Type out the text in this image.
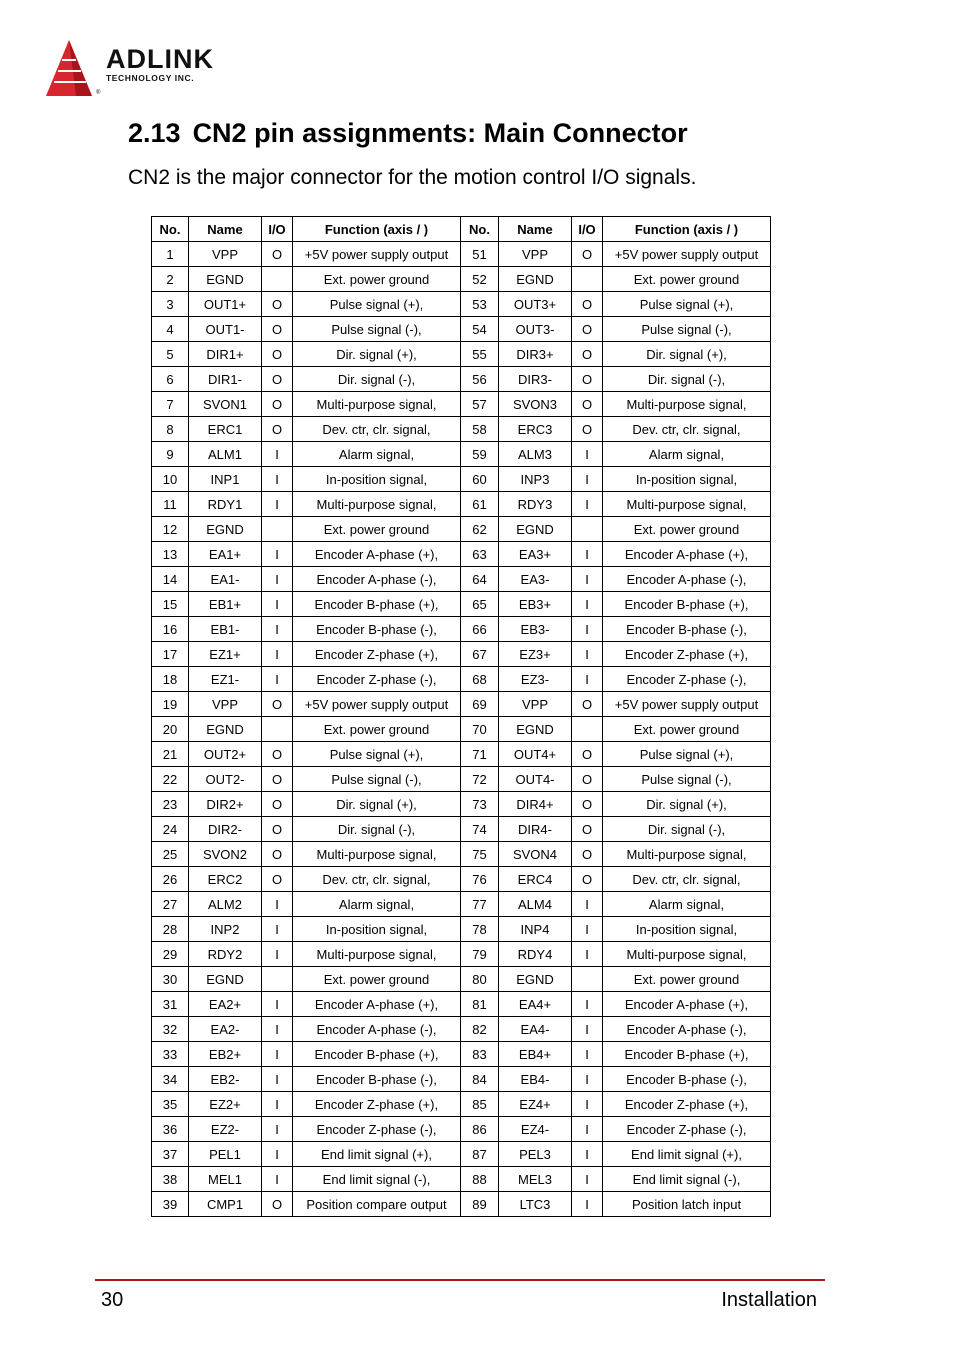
ADLINK
TECHNOLOGY INC.
®
2.13 CN2 pin assignments: Main Connector

CN2 is the major connector for the motion control I/O signals.

No.	Name	I/O	Function (axis / )	No.	Name	I/O	Function (axis / )
1	VPP	O	+5V power supply output	51	VPP	O	+5V power supply output
2	EGND		Ext. power ground	52	EGND		Ext. power ground
3	OUT1+	O	Pulse signal (+),	53	OUT3+	O	Pulse signal (+),
4	OUT1-	O	Pulse signal (-),	54	OUT3-	O	Pulse signal (-),
5	DIR1+	O	Dir. signal (+),	55	DIR3+	O	Dir. signal (+),
6	DIR1-	O	Dir. signal (-),	56	DIR3-	O	Dir. signal (-),
7	SVON1	O	Multi-purpose signal,	57	SVON3	O	Multi-purpose signal,
8	ERC1	O	Dev. ctr, clr. signal,	58	ERC3	O	Dev. ctr, clr. signal,
9	ALM1	I	Alarm signal,	59	ALM3	I	Alarm signal,
10	INP1	I	In-position signal,	60	INP3	I	In-position signal,
11	RDY1	I	Multi-purpose signal,	61	RDY3	I	Multi-purpose signal,
12	EGND		Ext. power ground	62	EGND		Ext. power ground
13	EA1+	I	Encoder A-phase (+),	63	EA3+	I	Encoder A-phase (+),
14	EA1-	I	Encoder A-phase (-),	64	EA3-	I	Encoder A-phase (-),
15	EB1+	I	Encoder B-phase (+),	65	EB3+	I	Encoder B-phase (+),
16	EB1-	I	Encoder B-phase (-),	66	EB3-	I	Encoder B-phase (-),
17	EZ1+	I	Encoder Z-phase (+),	67	EZ3+	I	Encoder Z-phase (+),
18	EZ1-	I	Encoder Z-phase (-),	68	EZ3-	I	Encoder Z-phase (-),
19	VPP	O	+5V power supply output	69	VPP	O	+5V power supply output
20	EGND		Ext. power ground	70	EGND		Ext. power ground
21	OUT2+	O	Pulse signal (+),	71	OUT4+	O	Pulse signal (+),
22	OUT2-	O	Pulse signal (-),	72	OUT4-	O	Pulse signal (-),
23	DIR2+	O	Dir. signal (+),	73	DIR4+	O	Dir. signal (+),
24	DIR2-	O	Dir. signal (-),	74	DIR4-	O	Dir. signal (-),
25	SVON2	O	Multi-purpose signal,	75	SVON4	O	Multi-purpose signal,
26	ERC2	O	Dev. ctr, clr. signal,	76	ERC4	O	Dev. ctr, clr. signal,
27	ALM2	I	Alarm signal,	77	ALM4	I	Alarm signal,
28	INP2	I	In-position signal,	78	INP4	I	In-position signal,
29	RDY2	I	Multi-purpose signal,	79	RDY4	I	Multi-purpose signal,
30	EGND		Ext. power ground	80	EGND		Ext. power ground
31	EA2+	I	Encoder A-phase (+),	81	EA4+	I	Encoder A-phase (+),
32	EA2-	I	Encoder A-phase (-),	82	EA4-	I	Encoder A-phase (-),
33	EB2+	I	Encoder B-phase (+),	83	EB4+	I	Encoder B-phase (+),
34	EB2-	I	Encoder B-phase (-),	84	EB4-	I	Encoder B-phase (-),
35	EZ2+	I	Encoder Z-phase (+),	85	EZ4+	I	Encoder Z-phase (+),
36	EZ2-	I	Encoder Z-phase (-),	86	EZ4-	I	Encoder Z-phase (-),
37	PEL1	I	End limit signal (+),	87	PEL3	I	End limit signal (+),
38	MEL1	I	End limit signal (-),	88	MEL3	I	End limit signal (-),
39	CMP1	O	Position compare output	89	LTC3	I	Position latch input
30	Installation
